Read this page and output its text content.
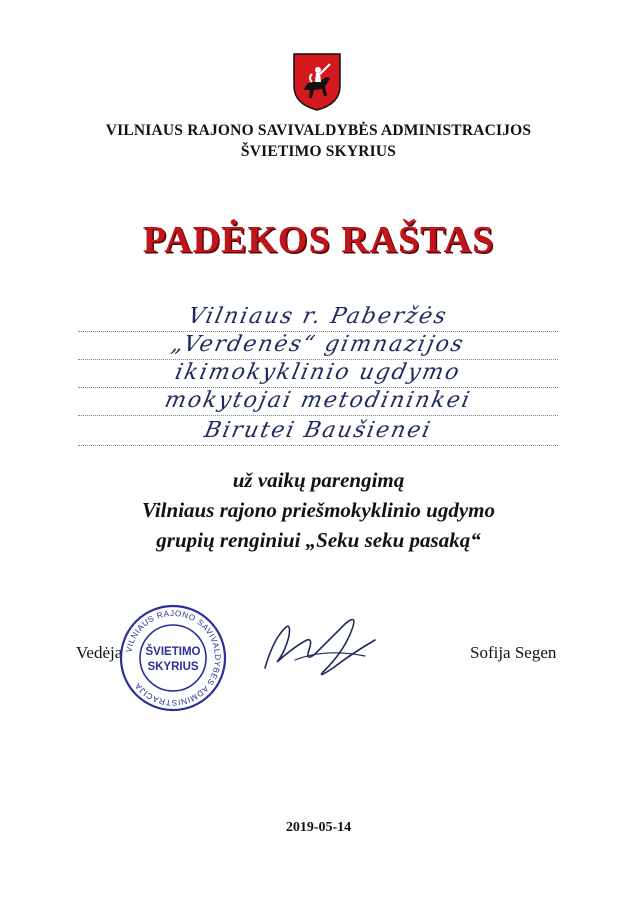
VILNIAUS RAJONO SAVIVALDYBĖS ADMINISTRACIJOS
ŠVIETIMO SKYRIUS
PADĖKOS RAŠTAS
Vilniaus r. Paberžės
„Verdenės“ gimnazijos
ikimokyklinio ugdymo
mokytojai metodininkei
Birutei Baušienei
už vaikų parengimą
Vilniaus rajono priešmokyklinio ugdymo
grupių renginiui „Seku seku pasaką“
Vedėja VILNIAUS RAJONO SAVIVALDYBĖS ADMINISTRACIJA
ŠVIETIMO
SKYRIUS
Sofija Segen
2019-05-14
